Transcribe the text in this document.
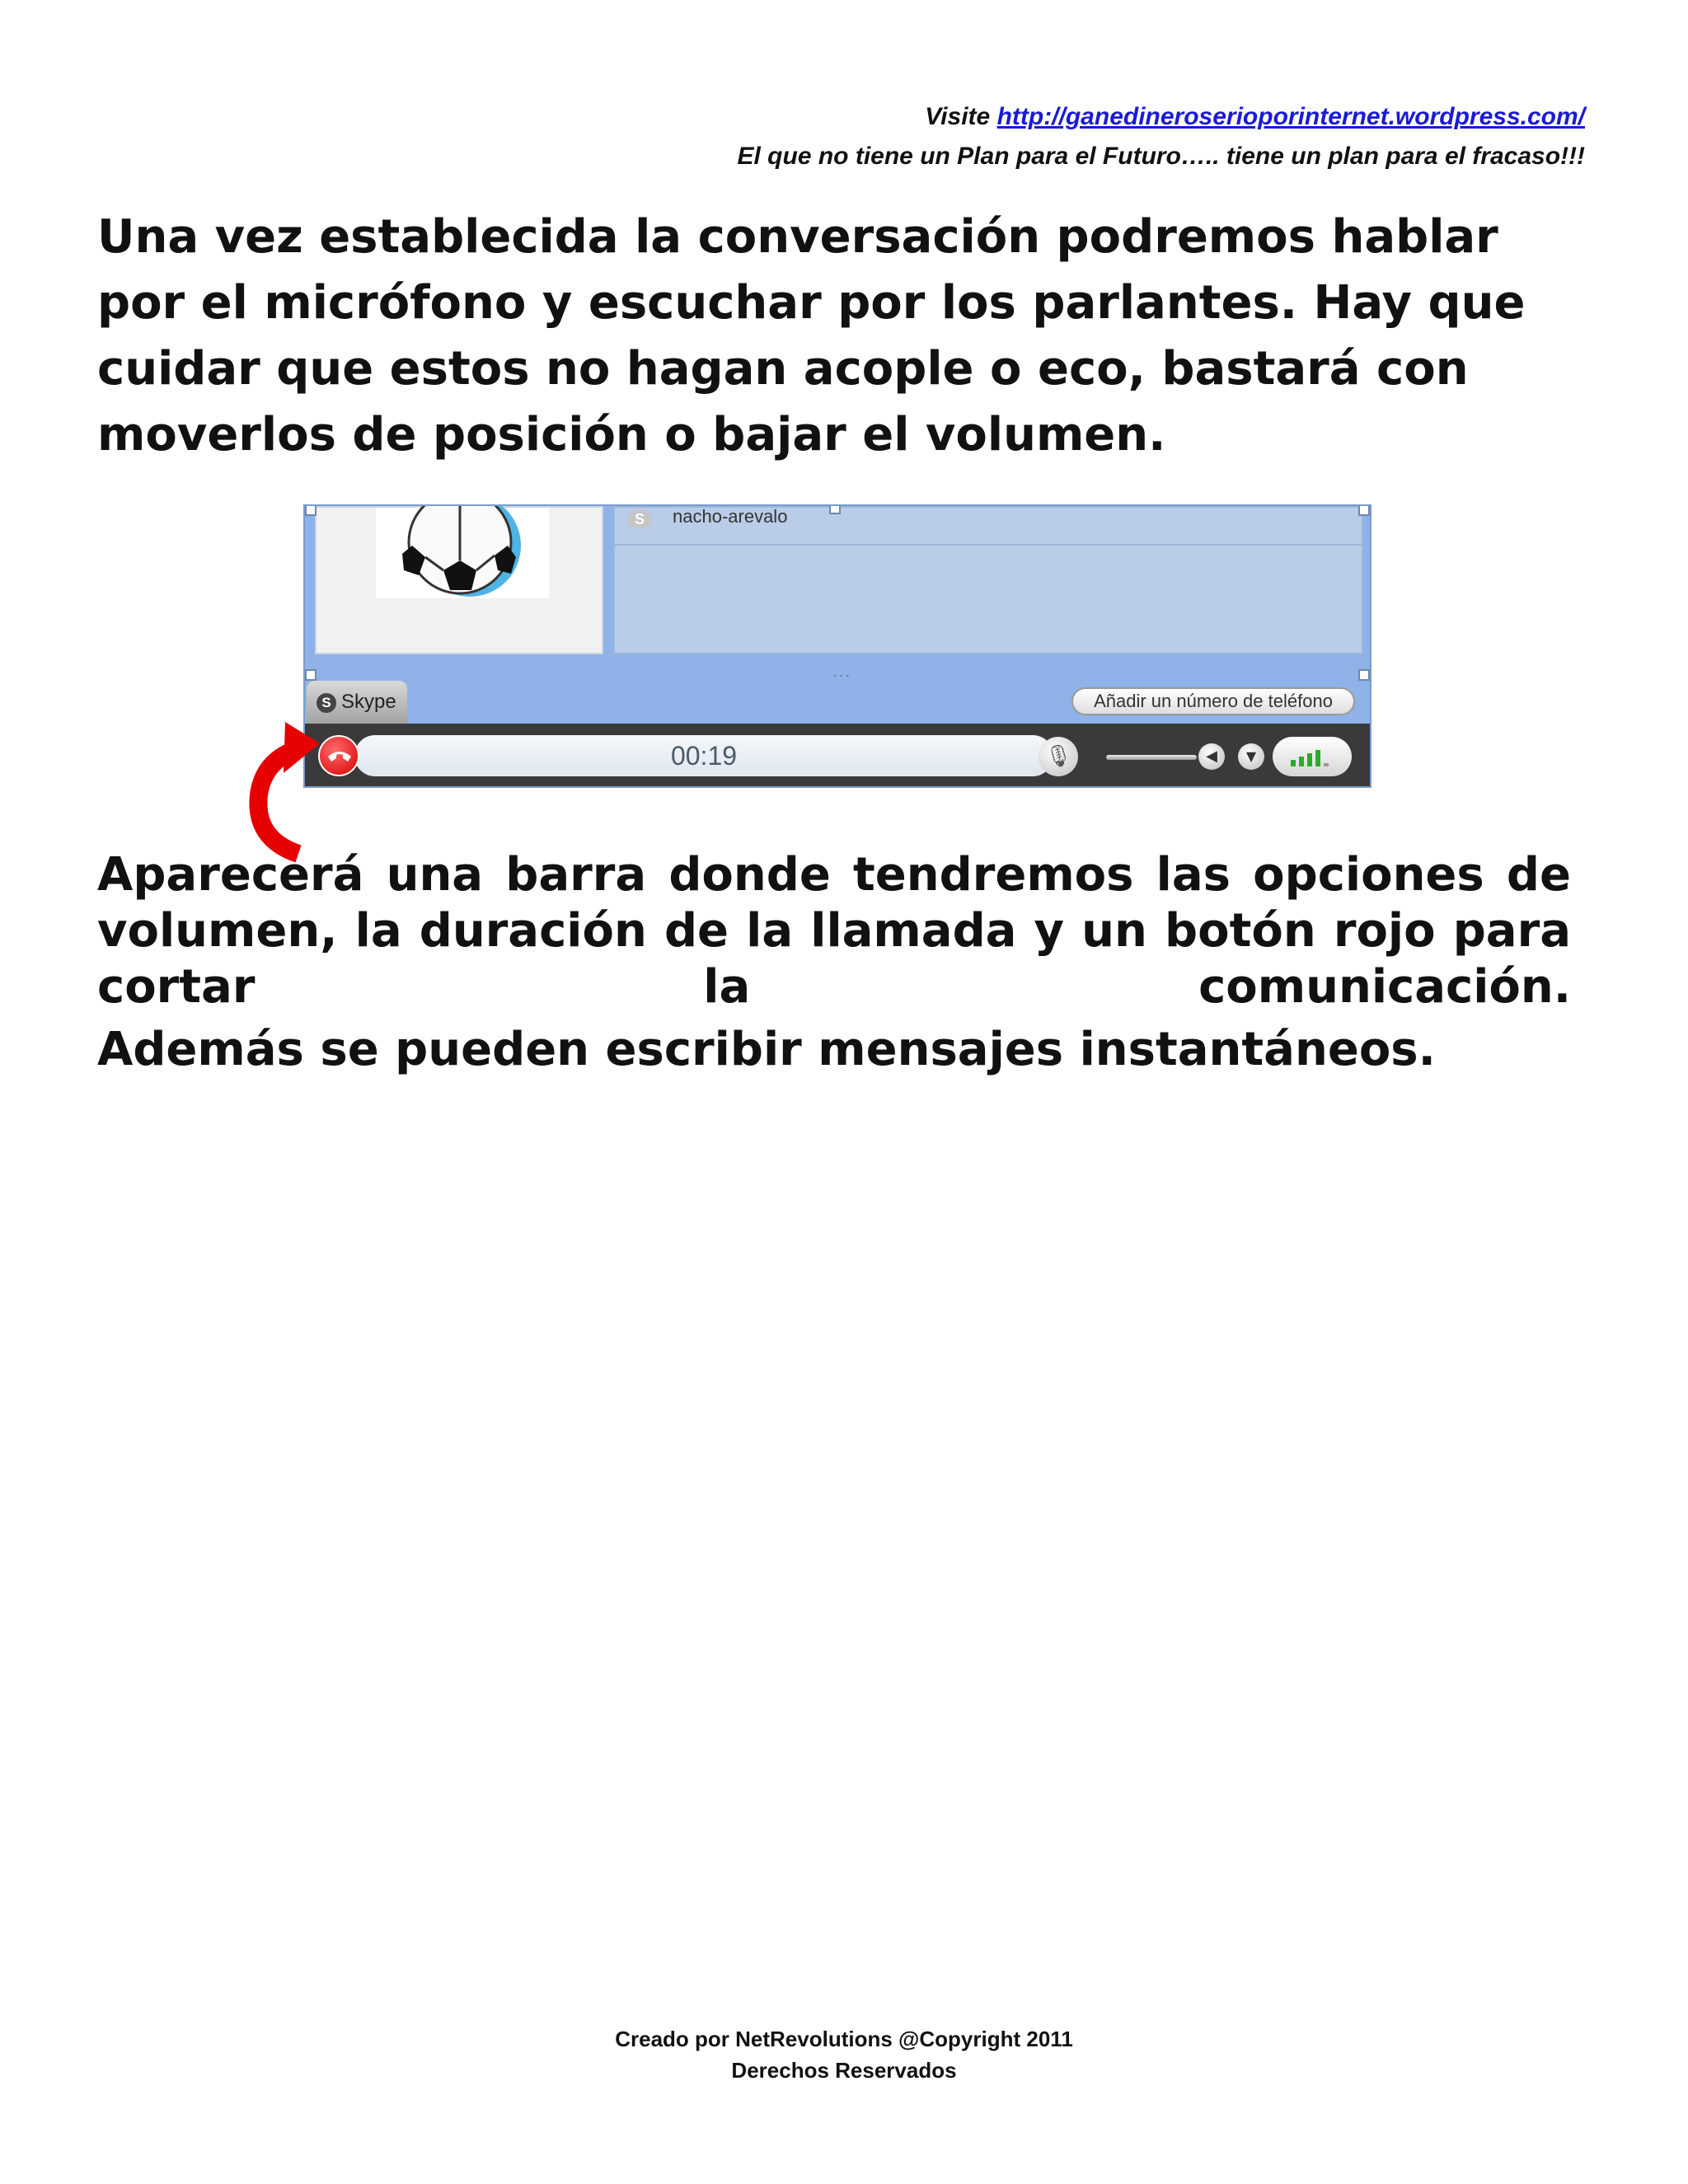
Visite http://ganedineroserioporinternet.wordpress.com/
El que no tiene un Plan para el Futuro….. tiene un plan para el fracaso!!!

Una vez establecida la conversación podremos hablar por el micrófono y escuchar por los parlantes. Hay que cuidar que estos no hagan acople o eco, bastará con moverlos de posición o bajar el volumen.

S	nacho-arevalo
···
S Skype	Añadir un número de teléfono
00:19	🎙	◀	▼

Aparecerá una barra donde tendremos las opciones de volumen, la duración de la llamada y un botón rojo para cortar la comunicación.

Además se pueden escribir mensajes instantáneos.

Creado por NetRevolutions @Copyright 2011
Derechos Reservados
